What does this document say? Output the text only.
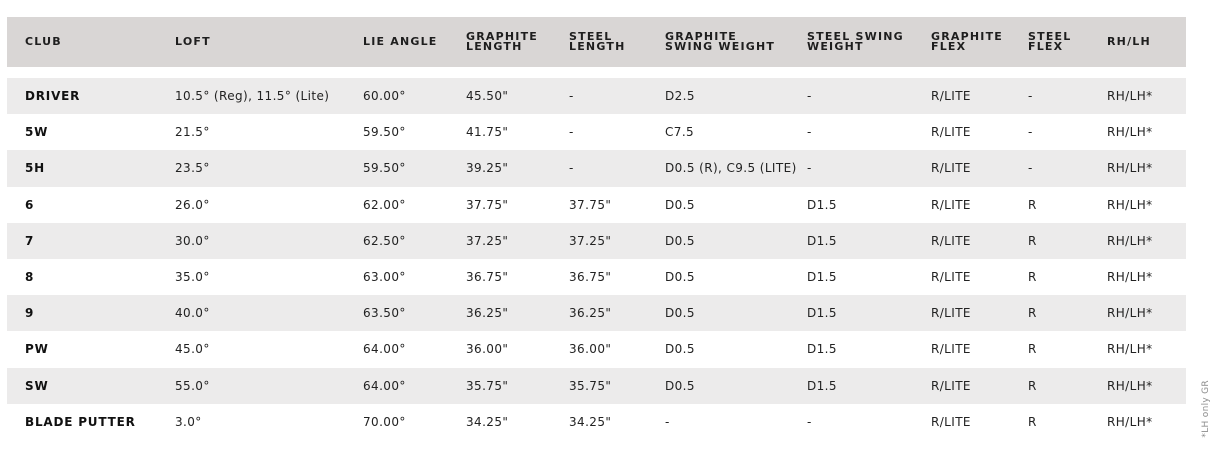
CLUB	LOFT	LIE ANGLE	GRAPHITE LENGTH	STEEL LENGTH	GRAPHITE SWING WEIGHT	STEEL SWING WEIGHT	GRAPHITE FLEX	STEEL FLEX	RH/LH

DRIVER	10.5° (Reg), 11.5° (Lite)	60.00°	45.50"	-	D2.5	-	R/LITE	-	RH/LH*
5W	21.5°	59.50°	41.75"	-	C7.5	-	R/LITE	-	RH/LH*
5H	23.5°	59.50°	39.25"	-	D0.5 (R), C9.5 (LITE)	-	R/LITE	-	RH/LH*
6	26.0°	62.00°	37.75"	37.75"	D0.5	D1.5	R/LITE	R	RH/LH*
7	30.0°	62.50°	37.25"	37.25"	D0.5	D1.5	R/LITE	R	RH/LH*
8	35.0°	63.00°	36.75"	36.75"	D0.5	D1.5	R/LITE	R	RH/LH*
9	40.0°	63.50°	36.25"	36.25"	D0.5	D1.5	R/LITE	R	RH/LH*
PW	45.0°	64.00°	36.00"	36.00"	D0.5	D1.5	R/LITE	R	RH/LH*
SW	55.0°	64.00°	35.75"	35.75"	D0.5	D1.5	R/LITE	R	RH/LH*
BLADE PUTTER	3.0°	70.00°	34.25"	34.25"	-	-	R/LITE	R	RH/LH*	*LH only GR
